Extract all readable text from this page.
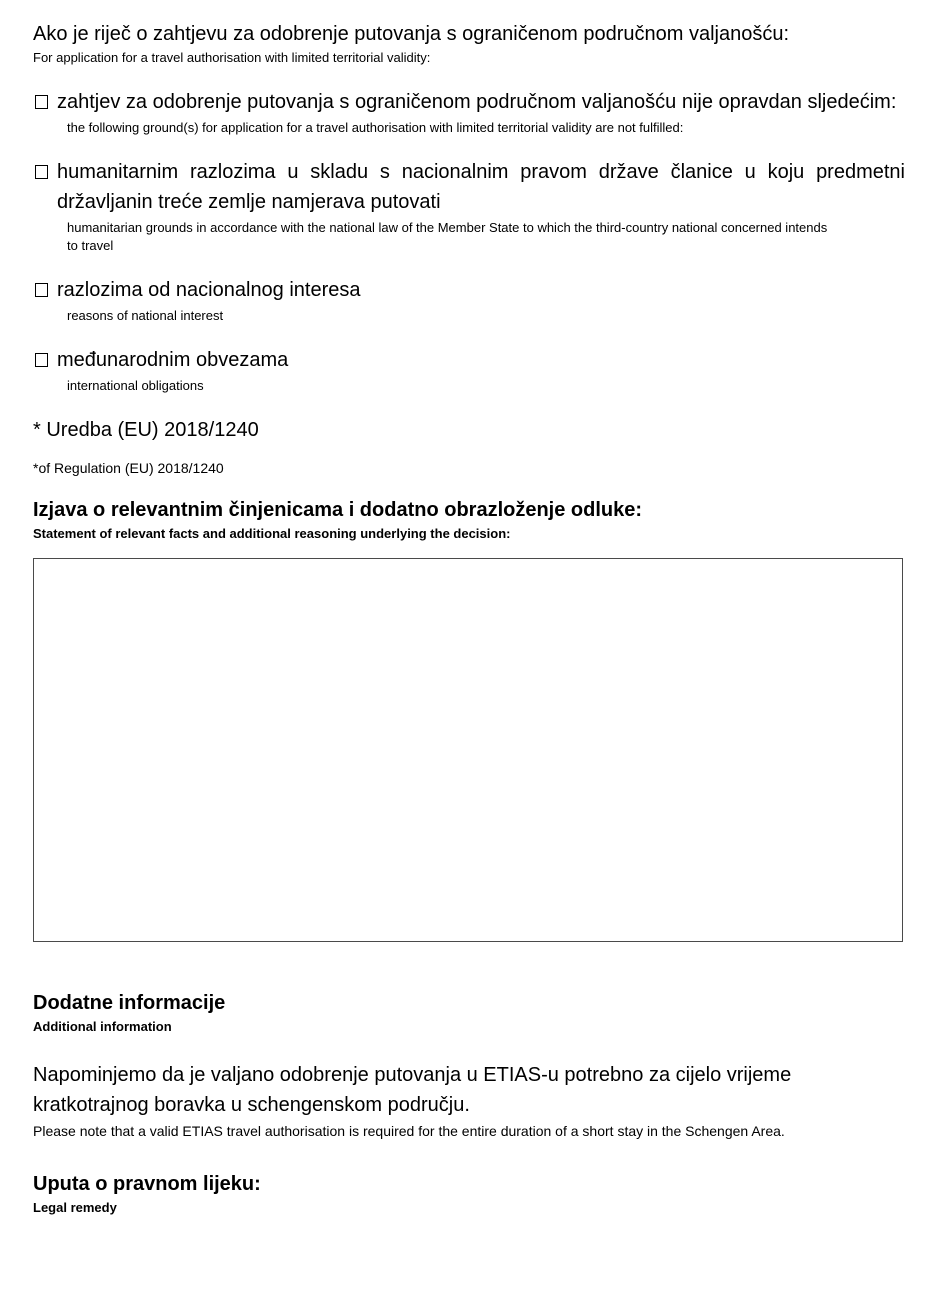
Ako je riječ o zahtjevu za odobrenje putovanja s ograničenom područnom valjanošću:
For application for a travel authorisation with limited territorial validity:
zahtjev za odobrenje putovanja s ograničenom područnom valjanošću nije opravdan sljedećim:
the following ground(s) for application for a travel authorisation with limited territorial validity are not fulfilled:
humanitarnim razlozima u skladu s nacionalnim pravom države članice u koju predmetni državljanin treće zemlje namjerava putovati
humanitarian grounds in accordance with the national law of the Member State to which the third-country national concerned intends to travel
razlozima od nacionalnog interesa
reasons of national interest
međunarodnim obvezama
international obligations
* Uredba (EU) 2018/1240
*of Regulation (EU) 2018/1240
Izjava o relevantnim činjenicama i dodatno obrazloženje odluke:
Statement of relevant facts and additional reasoning underlying the decision:
Dodatne informacije
Additional information
Napominjemo da je valjano odobrenje putovanja u ETIAS-u potrebno za cijelo vrijeme kratkotrajnog boravka u schengenskom području.
Please note that a valid ETIAS travel authorisation is required for the entire duration of a short stay in the Schengen Area.
Uputa o pravnom lijeku:
Legal remedy
